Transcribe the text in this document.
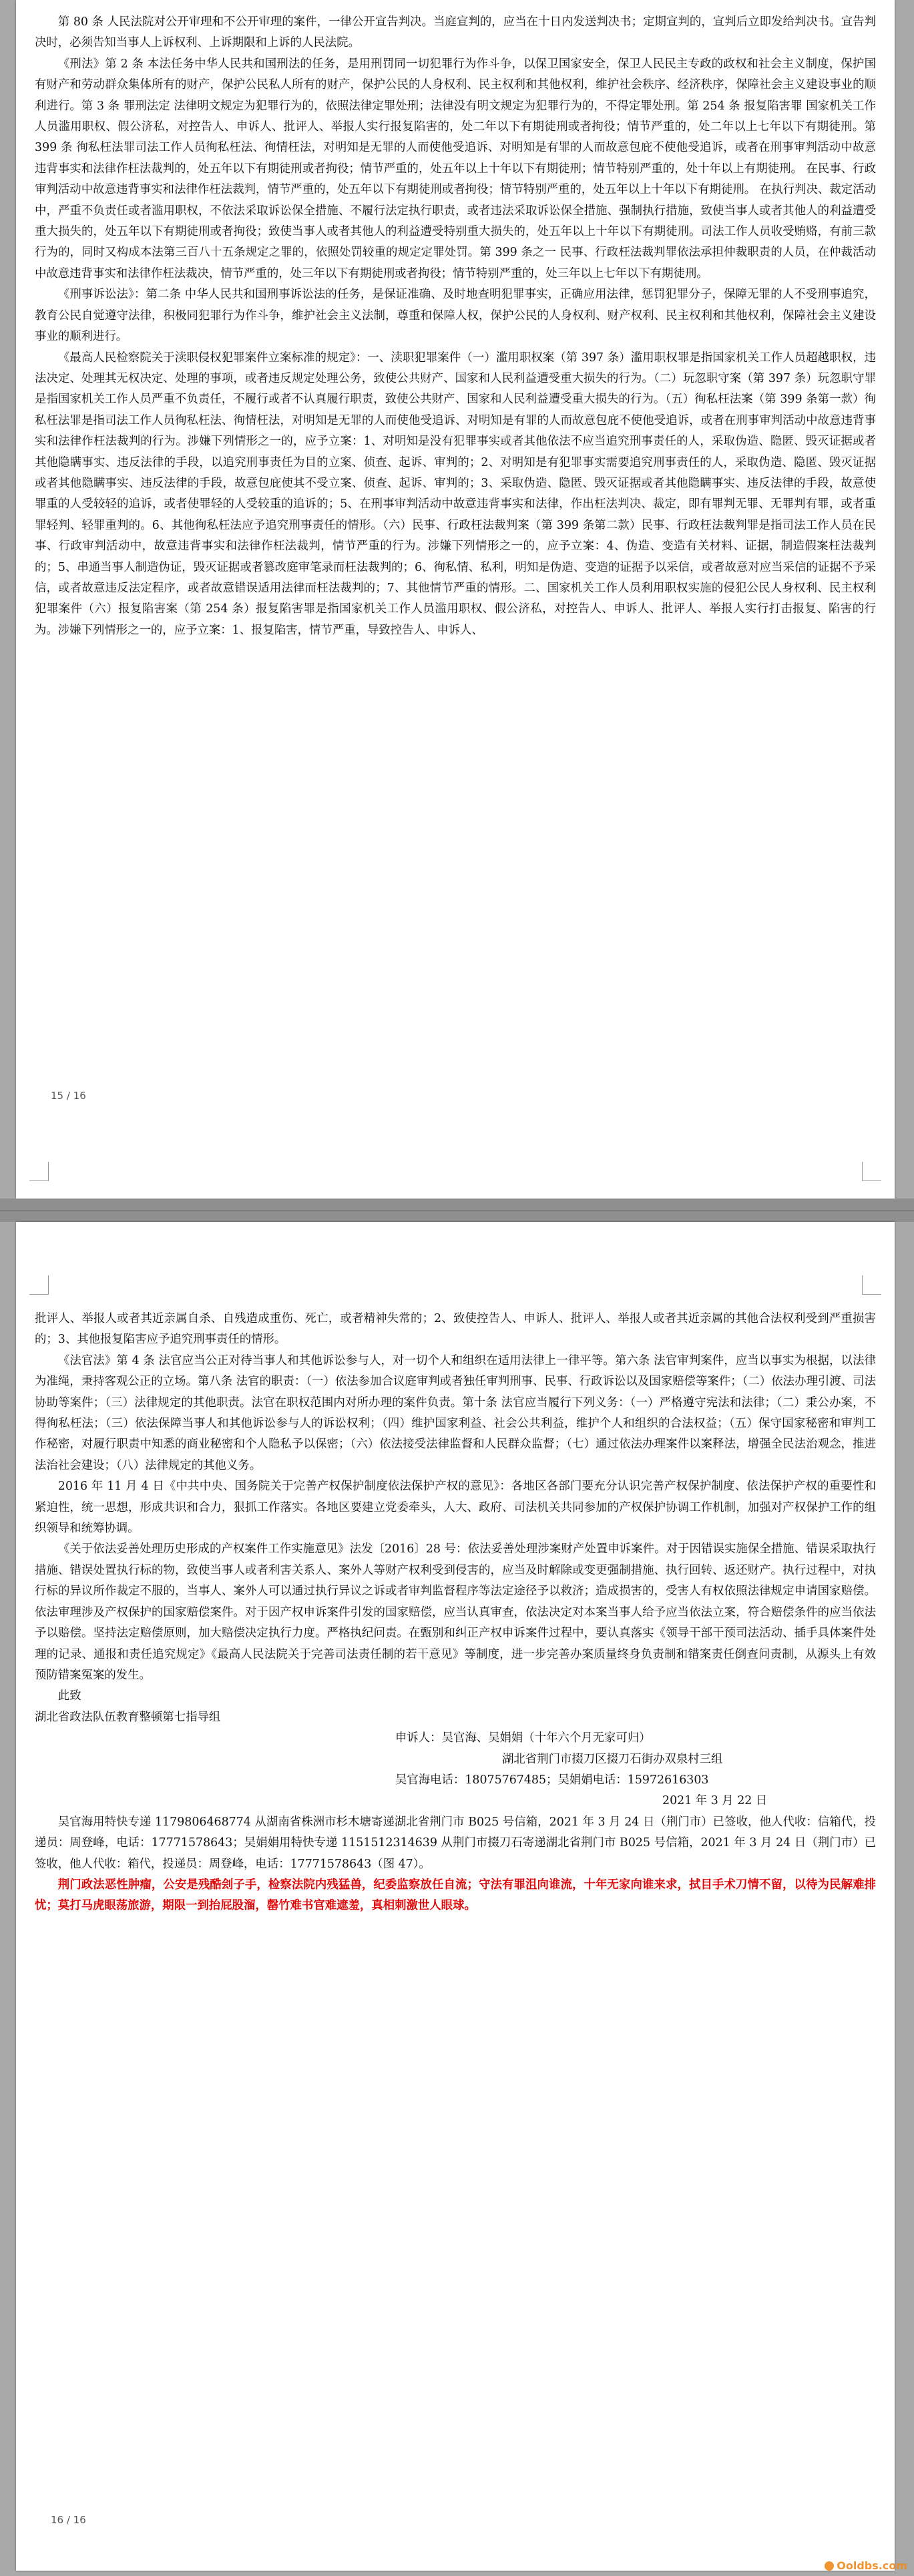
第 80 条 人民法院对公开审理和不公开审理的案件，一律公开宣告判决。当庭宣判的，应当在十日内发送判决书；定期宣判的，宣判后立即发给判决书。宣告判决时，必须告知当事人上诉权利、上诉期限和上诉的人民法院。

《刑法》第 2 条 本法任务中华人民共和国刑法的任务，是用刑罚同一切犯罪行为作斗争，以保卫国家安全，保卫人民民主专政的政权和社会主义制度，保护国有财产和劳动群众集体所有的财产，保护公民私人所有的财产，保护公民的人身权利、民主权利和其他权利，维护社会秩序、经济秩序，保障社会主义建设事业的顺利进行。第 3 条 罪刑法定 法律明文规定为犯罪行为的，依照法律定罪处刑；法律没有明文规定为犯罪行为的，不得定罪处刑。第 254 条 报复陷害罪 国家机关工作人员滥用职权、假公济私，对控告人、申诉人、批评人、举报人实行报复陷害的，处二年以下有期徒刑或者拘役；情节严重的，处二年以上七年以下有期徒刑。第 399 条 徇私枉法罪司法工作人员徇私枉法、徇情枉法，对明知是无罪的人而使他受追诉、对明知是有罪的人而故意包庇不使他受追诉，或者在刑事审判活动中故意违背事实和法律作枉法裁判的，处五年以下有期徒刑或者拘役；情节严重的，处五年以上十年以下有期徒刑；情节特别严重的，处十年以上有期徒刑。 在民事、行政审判活动中故意违背事实和法律作枉法裁判，情节严重的，处五年以下有期徒刑或者拘役；情节特别严重的，处五年以上十年以下有期徒刑。 在执行判决、裁定活动中，严重不负责任或者滥用职权，不依法采取诉讼保全措施、不履行法定执行职责，或者违法采取诉讼保全措施、强制执行措施，致使当事人或者其他人的利益遭受重大损失的，处五年以下有期徒刑或者拘役；致使当事人或者其他人的利益遭受特别重大损失的，处五年以上十年以下有期徒刑。司法工作人员收受贿赂，有前三款行为的，同时又构成本法第三百八十五条规定之罪的，依照处罚较重的规定定罪处罚。第 399 条之一 民事、行政枉法裁判罪依法承担仲裁职责的人员，在仲裁活动中故意违背事实和法律作枉法裁决，情节严重的，处三年以下有期徒刑或者拘役；情节特别严重的，处三年以上七年以下有期徒刑。

《刑事诉讼法》：第二条 中华人民共和国刑事诉讼法的任务，是保证准确、及时地查明犯罪事实，正确应用法律，惩罚犯罪分子，保障无罪的人不受刑事追究，教育公民自觉遵守法律，积极同犯罪行为作斗争，维护社会主义法制，尊重和保障人权，保护公民的人身权利、财产权利、民主权利和其他权利，保障社会主义建设事业的顺利进行。

《最高人民检察院关于渎职侵权犯罪案件立案标准的规定》：一、渎职犯罪案件（一）滥用职权案（第 397 条）滥用职权罪是指国家机关工作人员超越职权，违法决定、处理其无权决定、处理的事项，或者违反规定处理公务，致使公共财产、国家和人民利益遭受重大损失的行为。（二）玩忽职守案（第 397 条）玩忽职守罪是指国家机关工作人员严重不负责任，不履行或者不认真履行职责，致使公共财产、国家和人民利益遭受重大损失的行为。（五）徇私枉法案（第 399 条第一款）徇私枉法罪是指司法工作人员徇私枉法、徇情枉法，对明知是无罪的人而使他受追诉、对明知是有罪的人而故意包庇不使他受追诉，或者在刑事审判活动中故意违背事实和法律作枉法裁判的行为。涉嫌下列情形之一的，应予立案：1、对明知是没有犯罪事实或者其他依法不应当追究刑事责任的人，采取伪造、隐匿、毁灭证据或者其他隐瞒事实、违反法律的手段，以追究刑事责任为目的立案、侦查、起诉、审判的；2、对明知是有犯罪事实需要追究刑事责任的人，采取伪造、隐匿、毁灭证据或者其他隐瞒事实、违反法律的手段，故意包庇使其不受立案、侦查、起诉、审判的；3、采取伪造、隐匿、毁灭证据或者其他隐瞒事实、违反法律的手段，故意使罪重的人受较轻的追诉，或者使罪轻的人受较重的追诉的；5、在刑事审判活动中故意违背事实和法律，作出枉法判决、裁定，即有罪判无罪、无罪判有罪，或者重罪轻判、轻罪重判的。6、其他徇私枉法应予追究刑事责任的情形。（六）民事、行政枉法裁判案（第 399 条第二款）民事、行政枉法裁判罪是指司法工作人员在民事、行政审判活动中，故意违背事实和法律作枉法裁判，情节严重的行为。涉嫌下列情形之一的，应予立案：4、伪造、变造有关材料、证据，制造假案枉法裁判的；5、串通当事人制造伪证，毁灭证据或者篡改庭审笔录而枉法裁判的；6、徇私情、私利，明知是伪造、变造的证据予以采信，或者故意对应当采信的证据不予采信，或者故意违反法定程序，或者故意错误适用法律而枉法裁判的；7、其他情节严重的情形。二、国家机关工作人员利用职权实施的侵犯公民人身权利、民主权利犯罪案件（六）报复陷害案（第 254 条）报复陷害罪是指国家机关工作人员滥用职权、假公济私，对控告人、申诉人、批评人、举报人实行打击报复、陷害的行为。涉嫌下列情形之一的，应予立案：1、报复陷害，情节严重，导致控告人、申诉人、

15 / 16

批评人、举报人或者其近亲属自杀、自残造成重伤、死亡，或者精神失常的；2、致使控告人、申诉人、批评人、举报人或者其近亲属的其他合法权利受到严重损害的；3、其他报复陷害应予追究刑事责任的情形。

《法官法》第 4 条 法官应当公正对待当事人和其他诉讼参与人，对一切个人和组织在适用法律上一律平等。第六条 法官审判案件，应当以事实为根据，以法律为准绳，秉持客观公正的立场。第八条 法官的职责：（一）依法参加合议庭审判或者独任审判刑事、民事、行政诉讼以及国家赔偿等案件；（二）依法办理引渡、司法协助等案件；（三）法律规定的其他职责。法官在职权范围内对所办理的案件负责。第十条 法官应当履行下列义务：（一）严格遵守宪法和法律；（二）秉公办案，不得徇私枉法；（三）依法保障当事人和其他诉讼参与人的诉讼权利；（四）维护国家利益、社会公共利益，维护个人和组织的合法权益；（五）保守国家秘密和审判工作秘密，对履行职责中知悉的商业秘密和个人隐私予以保密；（六）依法接受法律监督和人民群众监督；（七）通过依法办理案件以案释法，增强全民法治观念，推进法治社会建设；（八）法律规定的其他义务。

2016 年 11 月 4 日《中共中央、国务院关于完善产权保护制度依法保护产权的意见》：各地区各部门要充分认识完善产权保护制度、依法保护产权的重要性和紧迫性，统一思想，形成共识和合力，狠抓工作落实。各地区要建立党委牵头，人大、政府、司法机关共同参加的产权保护协调工作机制，加强对产权保护工作的组织领导和统筹协调。

《关于依法妥善处理历史形成的产权案件工作实施意见》法发〔2016〕28 号：依法妥善处理涉案财产处置申诉案件。对于因错误实施保全措施、错误采取执行措施、错误处置执行标的物，致使当事人或者利害关系人、案外人等财产权利受到侵害的，应当及时解除或变更强制措施、执行回转、返还财产。执行过程中，对执行标的异议所作裁定不服的，当事人、案外人可以通过执行异议之诉或者审判监督程序等法定途径予以救济；造成损害的，受害人有权依照法律规定申请国家赔偿。依法审理涉及产权保护的国家赔偿案件。对于因产权申诉案件引发的国家赔偿，应当认真审查，依法决定对本案当事人给予应当依法立案，符合赔偿条件的应当依法予以赔偿。坚持法定赔偿原则，加大赔偿决定执行力度。严格执纪问责。在甄别和纠正产权申诉案件过程中，要认真落实《领导干部干预司法活动、插手具体案件处理的记录、通报和责任追究规定》《最高人民法院关于完善司法责任制的若干意见》等制度，进一步完善办案质量终身负责制和错案责任倒查问责制，从源头上有效预防错案冤案的发生。

此致

湖北省政法队伍教育整顿第七指导组

申诉人：吴官海、吴娟娟（十年六个月无家可归）

湖北省荆门市掇刀区掇刀石街办双泉村三组

吴官海电话：18075767485；吴娟娟电话：15972616303

2021 年 3 月 22 日

吴官海用特快专递 1179806468774 从湖南省株洲市杉木塘寄递湖北省荆门市 B025 号信箱，2021 年 3 月 24 日（荆门市）已签收，他人代收：信箱代，投递员：周登峰，电话：17771578643；吴娟娟用特快专递 1151512314639 从荆门市掇刀石寄递湖北省荆门市 B025 号信箱，2021 年 3 月 24 日（荆门市）已签收，他人代收：箱代，投递员：周登峰，电话：17771578643（图 47）。

荆门政法恶性肿瘤，公安是残酷刽子手，检察法院内残猛兽，纪委监察放任自流；守法有罪沮向谁流，十年无家向谁来求，拭目手术刀情不留，以待为民解难排忧；莫打马虎眼荡旅游，期限一到抬屁股溜，罄竹难书官难遮羞，真相刺激世人眼球。

16 / 16
Ooldbs.com
